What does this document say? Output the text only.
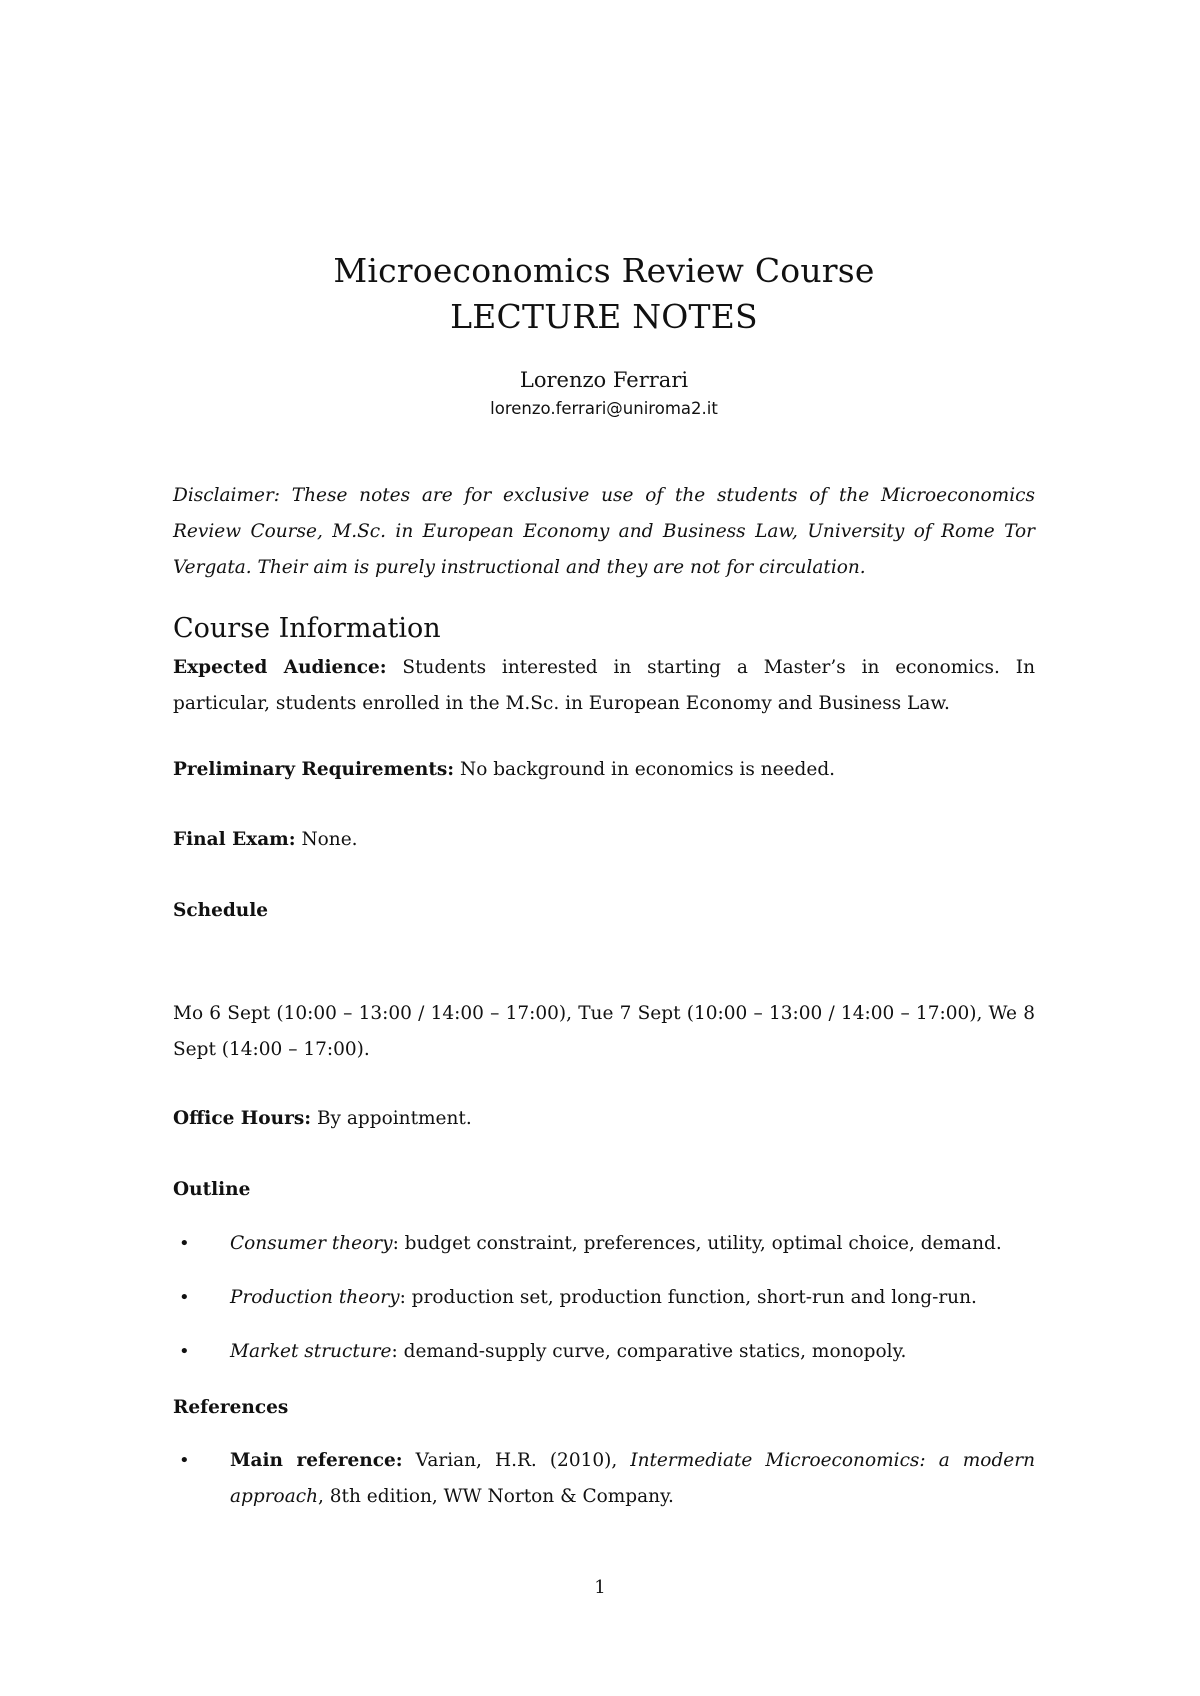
Microeconomics Review Course
LECTURE NOTES
Lorenzo Ferrari
lorenzo.ferrari@uniroma2.it
Disclaimer: These notes are for exclusive use of the students of the Microeconomics Review Course, M.Sc. in European Economy and Business Law, University of Rome Tor Vergata. Their aim is purely instructional and they are not for circulation.
Course Information
Expected Audience: Students interested in starting a Master’s in economics. In particular, students enrolled in the M.Sc. in European Economy and Business Law.
Preliminary Requirements: No background in economics is needed.
Final Exam: None.
Schedule
Mo 6 Sept (10:00 – 13:00 / 14:00 – 17:00), Tue 7 Sept (10:00 – 13:00 / 14:00 – 17:00), We 8 Sept (14:00 – 17:00).
Office Hours: By appointment.
Outline
• Consumer theory: budget constraint, preferences, utility, optimal choice, demand.
• Production theory: production set, production function, short-run and long-run.
• Market structure: demand-supply curve, comparative statics, monopoly.
References
• Main reference: Varian, H.R. (2010), Intermediate Microeconomics: a modern approach, 8th edition, WW Norton & Company.
1
